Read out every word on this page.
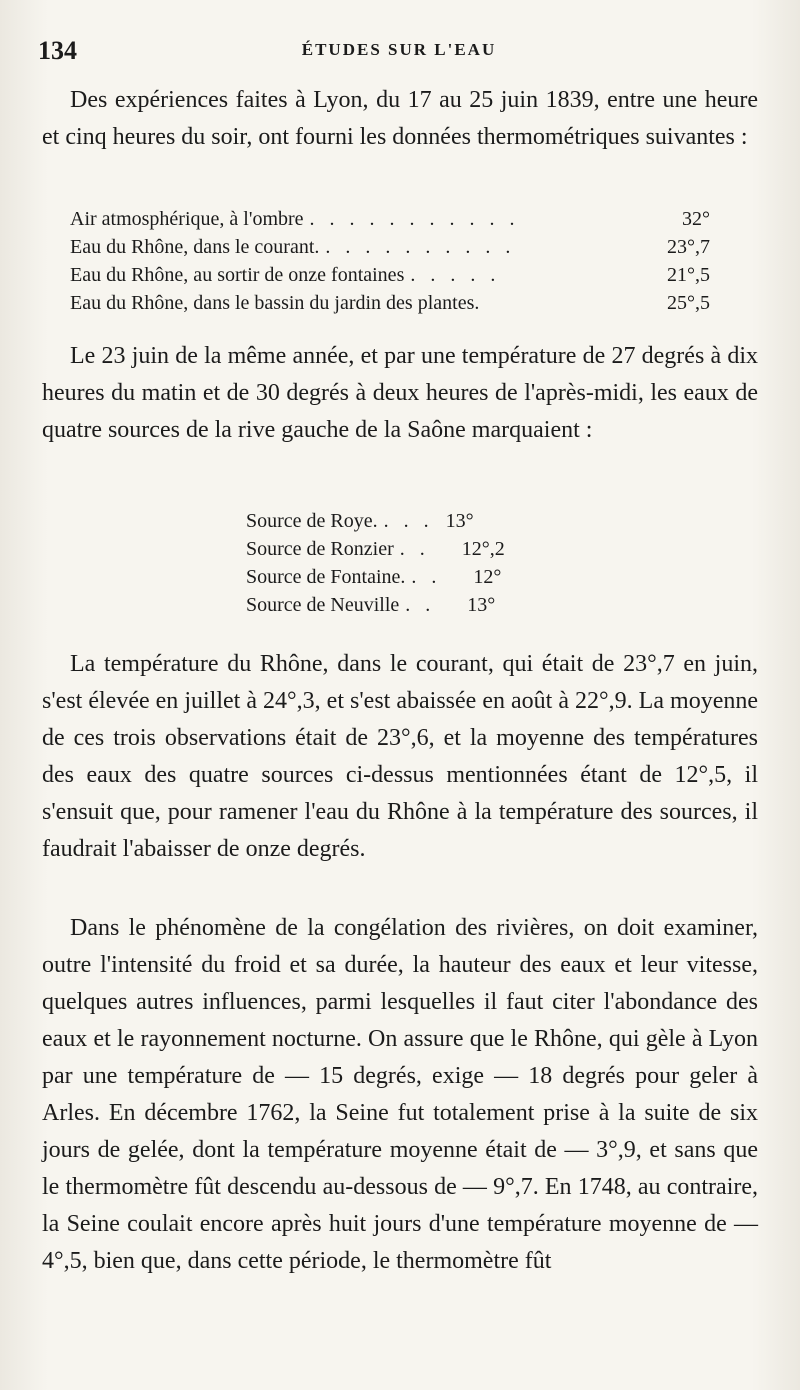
134	ÉTUDES SUR L'EAU

Des expériences faites à Lyon, du 17 au 25 juin 1839, entre une heure et cinq heures du soir, ont fourni les données thermométriques suivantes :

Air atmosphérique, à l'ombre . . . . . . . . . . .	32°
Eau du Rhône, dans le courant. . . . . . . . . . .	23°,7
Eau du Rhône, au sortir de onze fontaines . . . . .	21°,5
Eau du Rhône, dans le bassin du jardin des plantes.	25°,5

Le 23 juin de la même année, et par une température de 27 degrés à dix heures du matin et de 30 degrés à deux heures de l'après-midi, les eaux de quatre sources de la rive gauche de la Saône marquaient :

Source de Roye. . . . 13°
Source de Ronzier . .	12°,2
Source de Fontaine. . .	12°
Source de Neuville . .	13°

La température du Rhône, dans le courant, qui était de 23°,7 en juin, s'est élevée en juillet à 24°,3, et s'est abaissée en août à 22°,9. La moyenne de ces trois observations était de 23°,6, et la moyenne des températures des eaux des quatre sources ci-dessus mentionnées étant de 12°,5, il s'ensuit que, pour ramener l'eau du Rhône à la température des sources, il faudrait l'abaisser de onze degrés.

Dans le phénomène de la congélation des rivières, on doit examiner, outre l'intensité du froid et sa durée, la hauteur des eaux et leur vitesse, quelques autres influences, parmi lesquelles il faut citer l'abondance des eaux et le rayonnement nocturne. On assure que le Rhône, qui gèle à Lyon par une température de — 15 degrés, exige — 18 degrés pour geler à Arles. En décembre 1762, la Seine fut totalement prise à la suite de six jours de gelée, dont la température moyenne était de — 3°,9, et sans que le thermomètre fût descendu au-dessous de — 9°,7. En 1748, au contraire, la Seine coulait encore après huit jours d'une température moyenne de — 4°,5, bien que, dans cette période, le thermomètre fût
